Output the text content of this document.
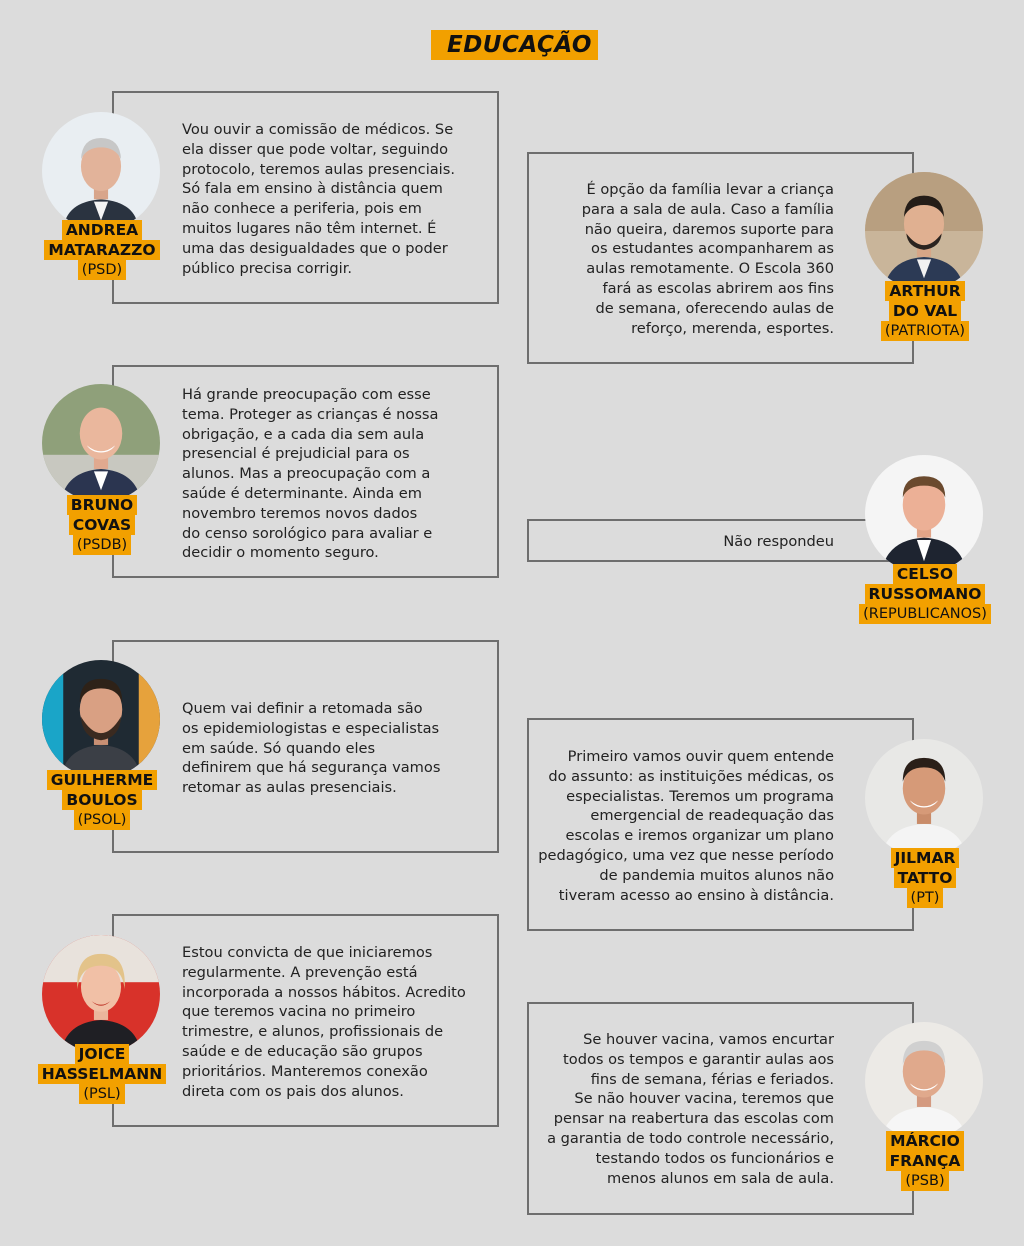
EDUCAÇÃO

Vou ouvir a comissão de médicos. Se
ela disser que pode voltar, seguindo
protocolo, teremos aulas presenciais.
Só fala em ensino à distância quem
não conhece a periferia, pois em
muitos lugares não têm internet. É
uma das desigualdades que o poder
público precisa corrigir.

ANDREA
MATARAZZO
(PSD)

É opção da família levar a criança
para a sala de aula. Caso a família
não queira, daremos suporte para
os estudantes acompanharem as
aulas remotamente. O Escola 360
fará as escolas abrirem aos fins
de semana, oferecendo aulas de
reforço, merenda, esportes.

ARTHUR
DO VAL
(PATRIOTA)

Há grande preocupação com esse
tema. Proteger as crianças é nossa
obrigação, e a cada dia sem aula
presencial é prejudicial para os
alunos. Mas a preocupação com a
saúde é determinante. Ainda em
novembro teremos novos dados
do censo sorológico para avaliar e
decidir o momento seguro.

BRUNO
COVAS
(PSDB)	Não respondeu

CELSO
RUSSOMANO
(REPUBLICANOS)

Quem vai definir a retomada são
os epidemiologistas e especialistas
em saúde. Só quando eles
definirem que há segurança vamos
retomar as aulas presenciais.

GUILHERME
BOULOS
(PSOL)

Primeiro vamos ouvir quem entende
do assunto: as instituições médicas, os
especialistas. Teremos um programa
emergencial de readequação das
escolas e iremos organizar um plano
pedagógico, uma vez que nesse período
de pandemia muitos alunos não
tiveram acesso ao ensino à distância.

JILMAR
TATTO
(PT)

Estou convicta de que iniciaremos
regularmente. A prevenção está
incorporada a nossos hábitos. Acredito
que teremos vacina no primeiro
trimestre, e alunos, profissionais de
saúde e de educação são grupos
prioritários. Manteremos conexão
direta com os pais dos alunos.

JOICE
HASSELMANN
(PSL)

Se houver vacina, vamos encurtar
todos os tempos e garantir aulas aos
fins de semana, férias e feriados.
Se não houver vacina, teremos que
pensar na reabertura das escolas com
a garantia de todo controle necessário,
testando todos os funcionários e
menos alunos em sala de aula.

MÁRCIO
FRANÇA
(PSB)
